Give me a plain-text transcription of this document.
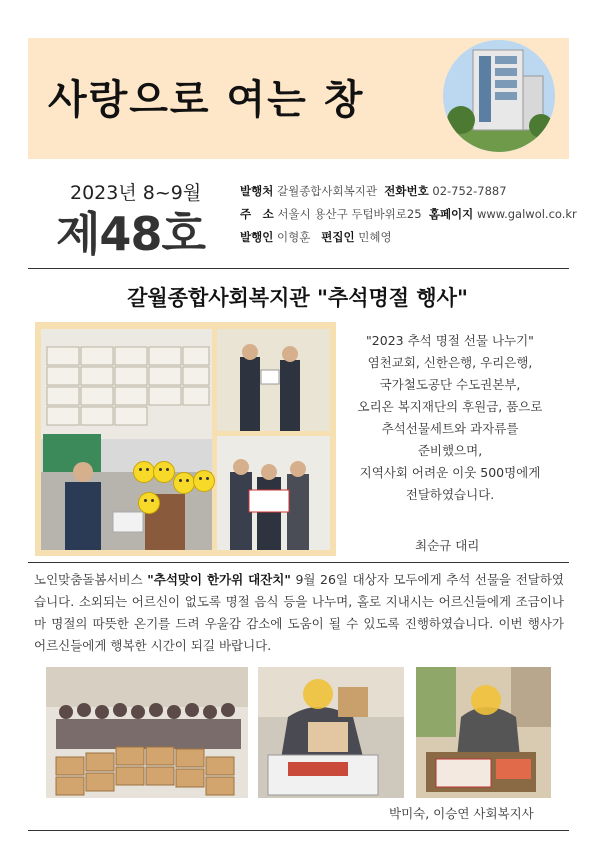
사랑으로 여는 창
2023년 8~9월
제48호
발행처 갈월종합사회복지관 전화번호 02-752-7887
주　소 서울시 용산구 두텁바위로25 홈페이지 www.galwol.co.kr
발행인 이형훈 편집인 민혜영
갈월종합사회복지관 "추석명절 행사"
"2023 추석 명절 선물 나누기"
염천교회, 신한은행, 우리은행,
국가철도공단 수도권본부,
오리온 복지재단의 후원금, 품으로
추석선물세트와 과자류를
준비했으며,
지역사회 어려운 이웃 500명에게
전달하였습니다.
최순규 대리
노인맞춤돌봄서비스 "추석맞이 한가위 대잔치" 9월 26일 대상자 모두에게 추석 선물을 전달하였습니다. 소외되는 어르신이 없도록 명절 음식 등을 나누며, 홀로 지내시는 어르신들에게 조금이나마 명절의 따뜻한 온기를 드려 우울감 감소에 도움이 될 수 있도록 진행하였습니다. 이번 행사가 어르신들에게 행복한 시간이 되길 바랍니다.
박미숙, 이승연 사회복지사
